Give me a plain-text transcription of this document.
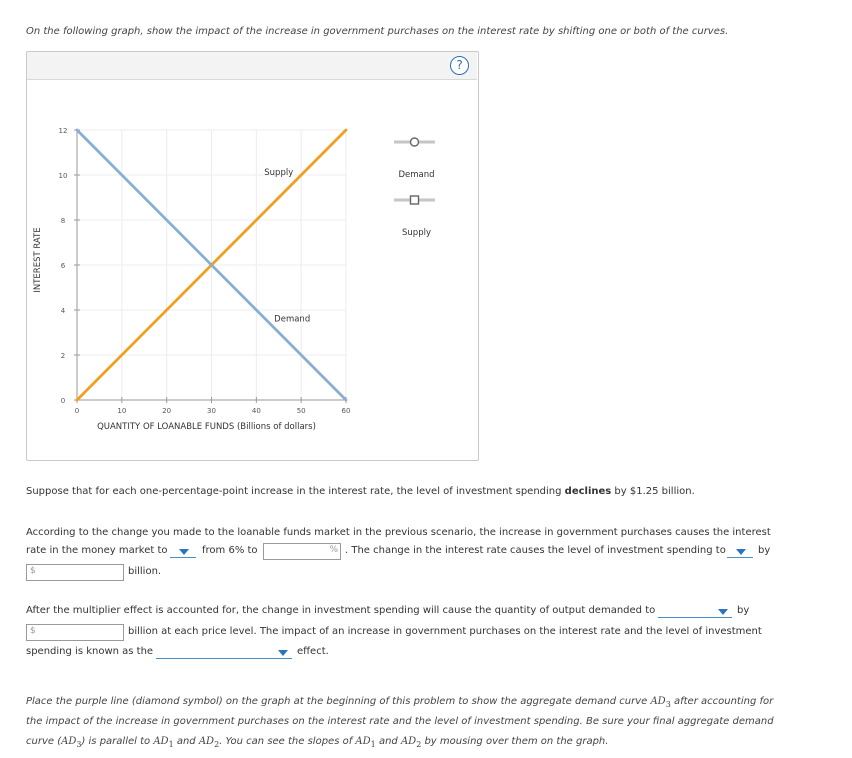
On the following graph, show the impact of the increase in government purchases on the interest rate by shifting one or both of the curves.
?
0
2
4
6
8
10
12
0	10	20	30	40	50	60
Supply
Demand
QUANTITY OF LOANABLE FUNDS (Billions of dollars)
INTEREST RATE
Demand
Supply
Suppose that for each one-percentage-point increase in the interest rate, the level of investment spending declines by $1.25 billion.
According to the change you made to the loanable funds market in the previous scenario, the increase in government purchases causes the interest
rate in the money market to	from 6% to	% . The change in the interest rate causes the level of investment spending to	by
$	billion.
After the multiplier effect is accounted for, the change in investment spending will cause the quantity of output demanded to	by
$	billion at each price level. The impact of an increase in government purchases on the interest rate and the level of investment
spending is known as the	effect.
Place the purple line (diamond symbol) on the graph at the beginning of this problem to show the aggregate demand curve $AD_3$ after accounting for
the impact of the increase in government purchases on the interest rate and the level of investment spending. Be sure your final aggregate demand
curve $(AD_3)$ is parallel to $AD_1$ and $AD_2$. You can see the slopes of $AD_1$ and $AD_2$ by mousing over them on the graph.
